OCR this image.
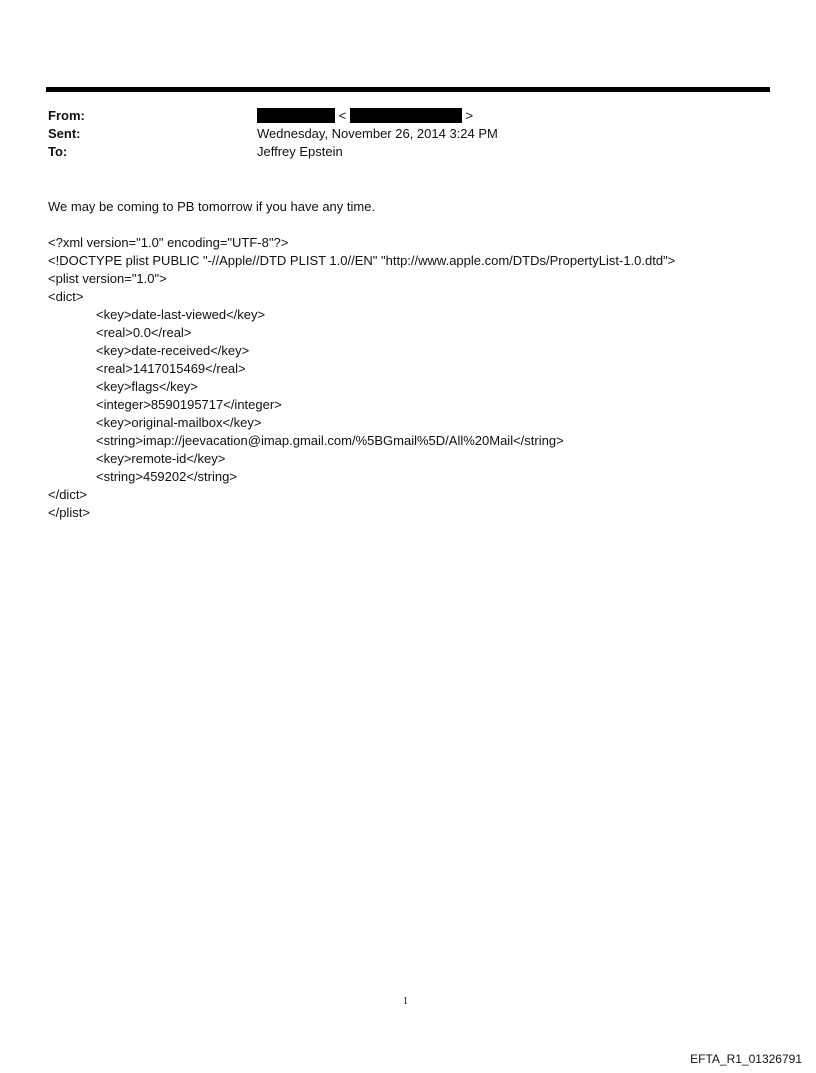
From:
Sent:
To:
<	>
Wednesday, November 26, 2014 3:24 PM
Jeffrey Epstein
We may be coming to PB tomorrow if you have any time.
<?xml version="1.0" encoding="UTF-8"?>
<!DOCTYPE plist PUBLIC "-//Apple//DTD PLIST 1.0//EN" "http://www.apple.com/DTDs/PropertyList-1.0.dtd">
<plist version="1.0">
<dict>
<key>date-last-viewed</key>
<real>0.0</real>
<key>date-received</key>
<real>1417015469</real>
<key>flags</key>
<integer>8590195717</integer>
<key>original-mailbox</key>
<string>imap://jeevacation@imap.gmail.com/%5BGmail%5D/All%20Mail</string>
<key>remote-id</key>
<string>459202</string>
</dict>
</plist>
1
EFTA_R1_01326791
